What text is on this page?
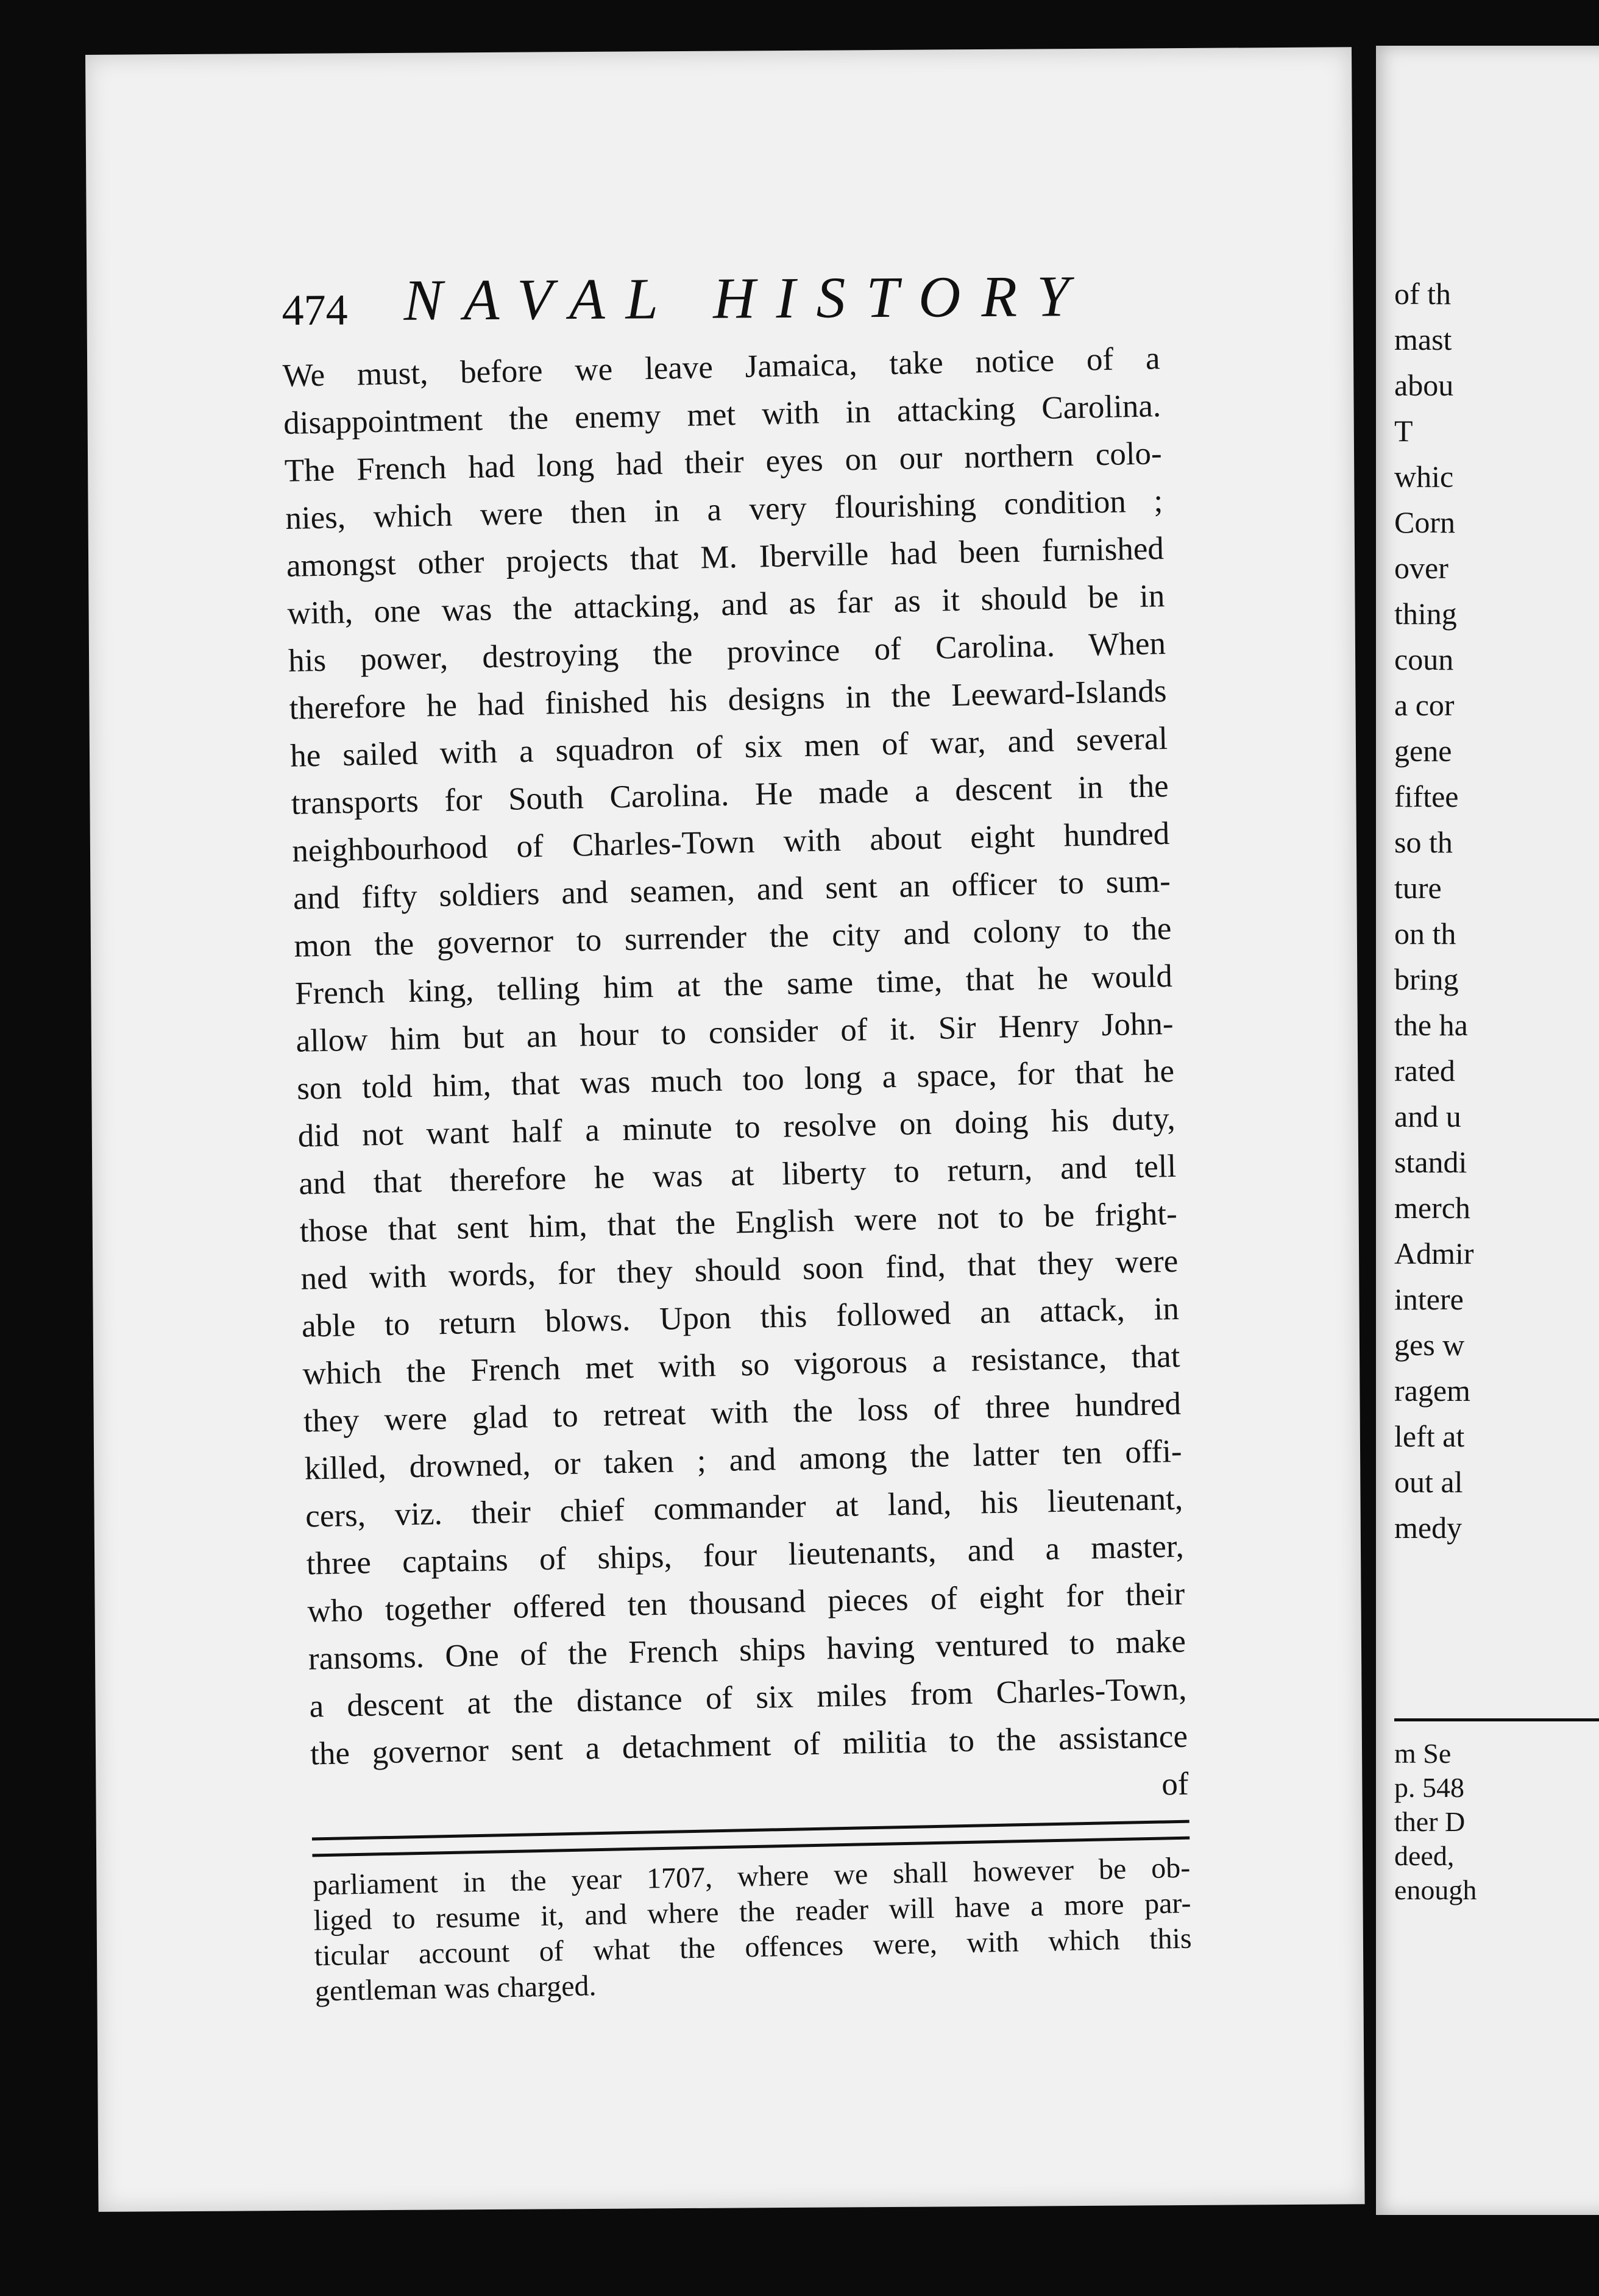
474 NAVAL HISTORY
We must, before we leave Jamaica, take notice of a
disappointment the enemy met with in attacking Carolina.
The French had long had their eyes on our northern colo-
nies, which were then in a very flourishing condition ;
amongst other projects that M. Iberville had been furnished
with, one was the attacking, and as far as it should be in
his power, destroying the province of Carolina. When
therefore he had finished his designs in the Leeward-Islands
he sailed with a squadron of six men of war, and several
transports for South Carolina. He made a descent in the
neighbourhood of Charles-Town with about eight hundred
and fifty soldiers and seamen, and sent an officer to sum-
mon the governor to surrender the city and colony to the
French king, telling him at the same time, that he would
allow him but an hour to consider of it. Sir Henry John-
son told him, that was much too long a space, for that he
did not want half a minute to resolve on doing his duty,
and that therefore he was at liberty to return, and tell
those that sent him, that the English were not to be fright-
ned with words, for they should soon find, that they were
able to return blows. Upon this followed an attack, in
which the French met with so vigorous a resistance, that
they were glad to retreat with the loss of three hundred
killed, drowned, or taken ; and among the latter ten offi-
cers, viz. their chief commander at land, his lieutenant,
three captains of ships, four lieutenants, and a master,
who together offered ten thousand pieces of eight for their
ransoms. One of the French ships having ventured to make
a descent at the distance of six miles from Charles-Town,
the governor sent a detachment of militia to the assistance
of
parliament in the year 1707, where we shall however be ob-
liged to resume it, and where the reader will have a more par-
ticular account of what the offences were, with which this
gentleman was charged.
of th
mast
abou
T
whic
Corn
over
thing
coun
a cor
gene
fiftee
so th
ture
on th
bring
the ha
rated
and u
standi
merch
Admir
intere
ges w
ragem
left at
out al
medy
m Se
p. 548
ther D
deed,
enough
